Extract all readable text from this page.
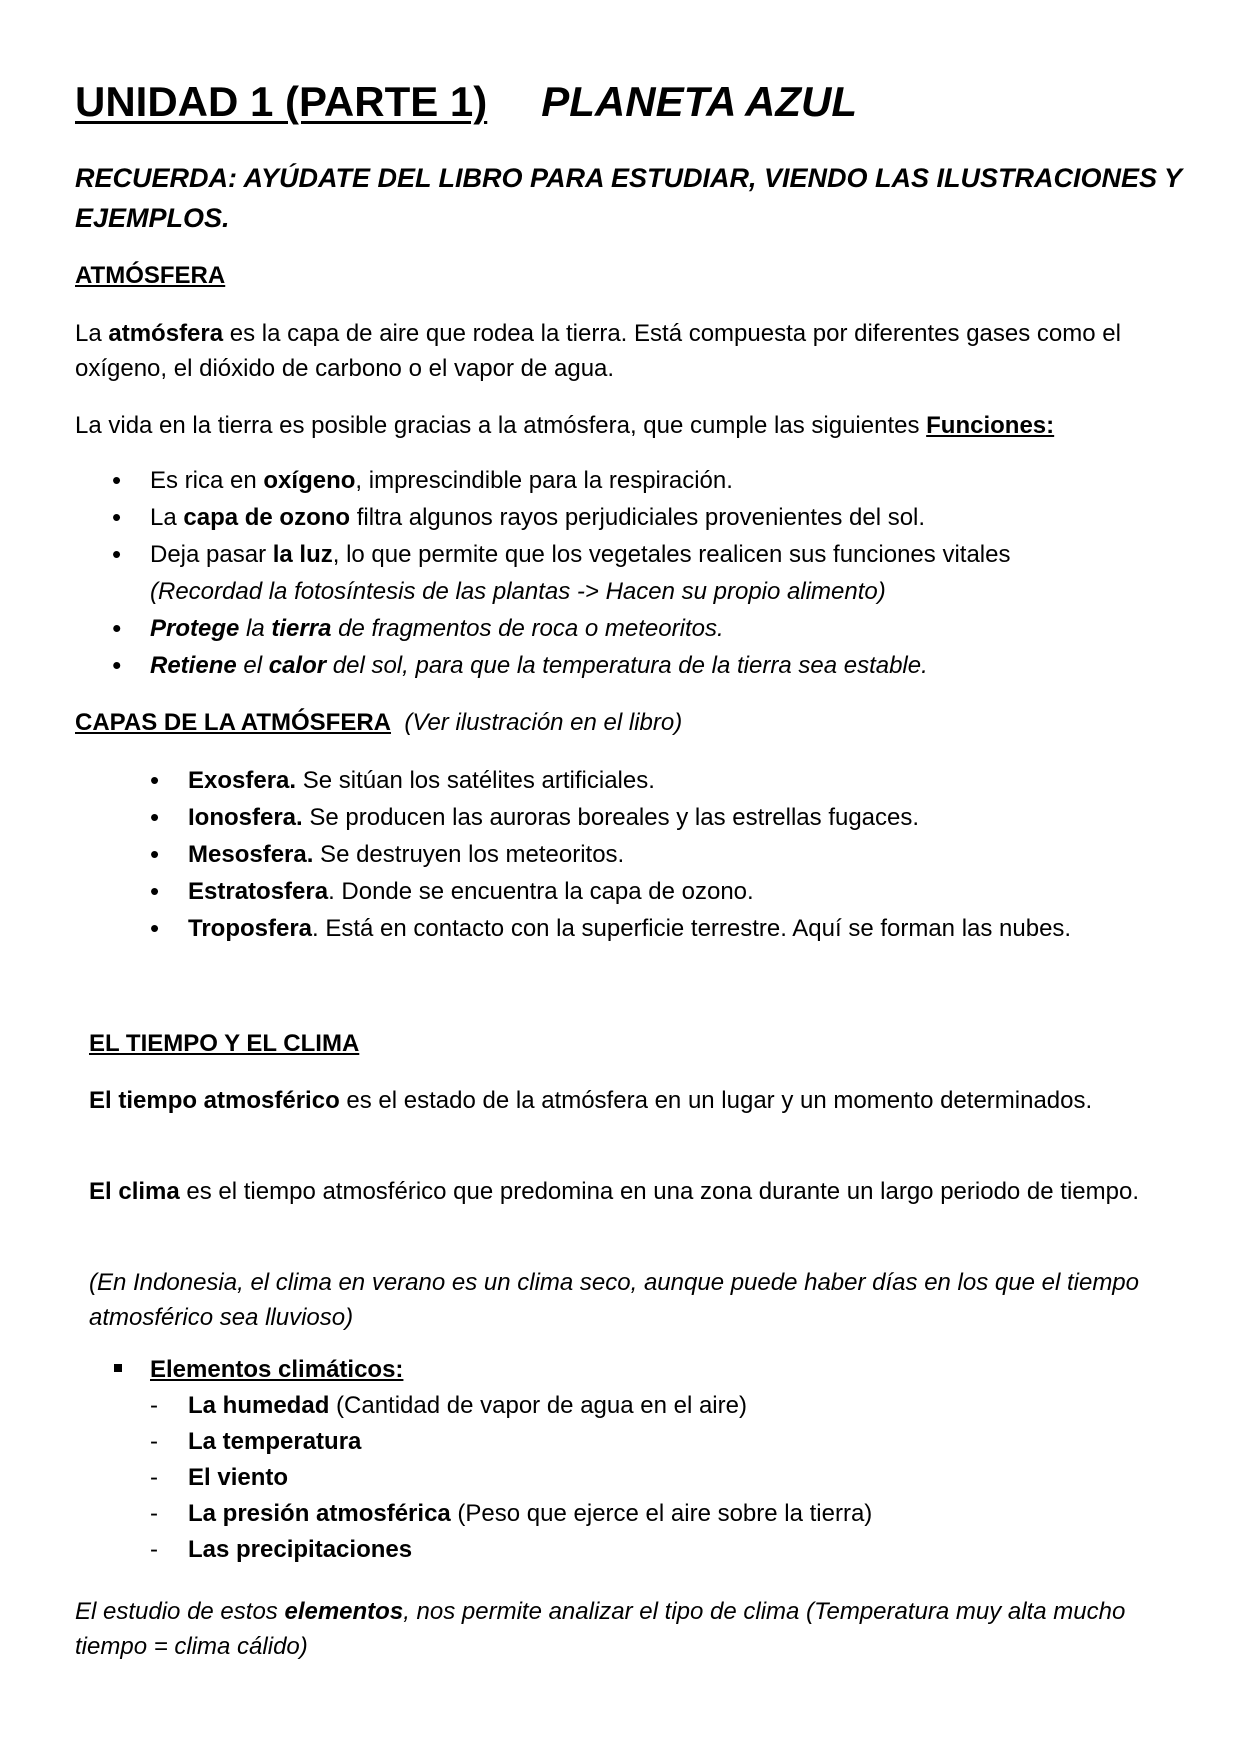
UNIDAD 1 (PARTE 1) PLANETA AZUL
RECUERDA: AYÚDATE DEL LIBRO PARA ESTUDIAR, VIENDO LAS ILUSTRACIONES Y EJEMPLOS.
ATMÓSFERA
La atmósfera es la capa de aire que rodea la tierra. Está compuesta por diferentes gases como el oxígeno, el dióxido de carbono o el vapor de agua.
La vida en la tierra es posible gracias a la atmósfera, que cumple las siguientes Funciones:
• Es rica en oxígeno, imprescindible para la respiración.
• La capa de ozono filtra algunos rayos perjudiciales provenientes del sol.
• Deja pasar la luz, lo que permite que los vegetales realicen sus funciones vitales
(Recordad la fotosíntesis de las plantas -> Hacen su propio alimento)
• Protege la tierra de fragmentos de roca o meteoritos.
• Retiene el calor del sol, para que la temperatura de la tierra sea estable.
CAPAS DE LA ATMÓSFERA (Ver ilustración en el libro)
• Exosfera. Se sitúan los satélites artificiales.
• Ionosfera. Se producen las auroras boreales y las estrellas fugaces.
• Mesosfera. Se destruyen los meteoritos.
• Estratosfera. Donde se encuentra la capa de ozono.
• Troposfera. Está en contacto con la superficie terrestre. Aquí se forman las nubes.
EL TIEMPO Y EL CLIMA
El tiempo atmosférico es el estado de la atmósfera en un lugar y un momento determinados.
El clima es el tiempo atmosférico que predomina en una zona durante un largo periodo de tiempo.
(En Indonesia, el clima en verano es un clima seco, aunque puede haber días en los que el tiempo atmosférico sea lluvioso)
Elementos climáticos:
- La humedad (Cantidad de vapor de agua en el aire)
- La temperatura
- El viento
- La presión atmosférica (Peso que ejerce el aire sobre la tierra)
- Las precipitaciones
El estudio de estos elementos, nos permite analizar el tipo de clima (Temperatura muy alta mucho tiempo = clima cálido)
